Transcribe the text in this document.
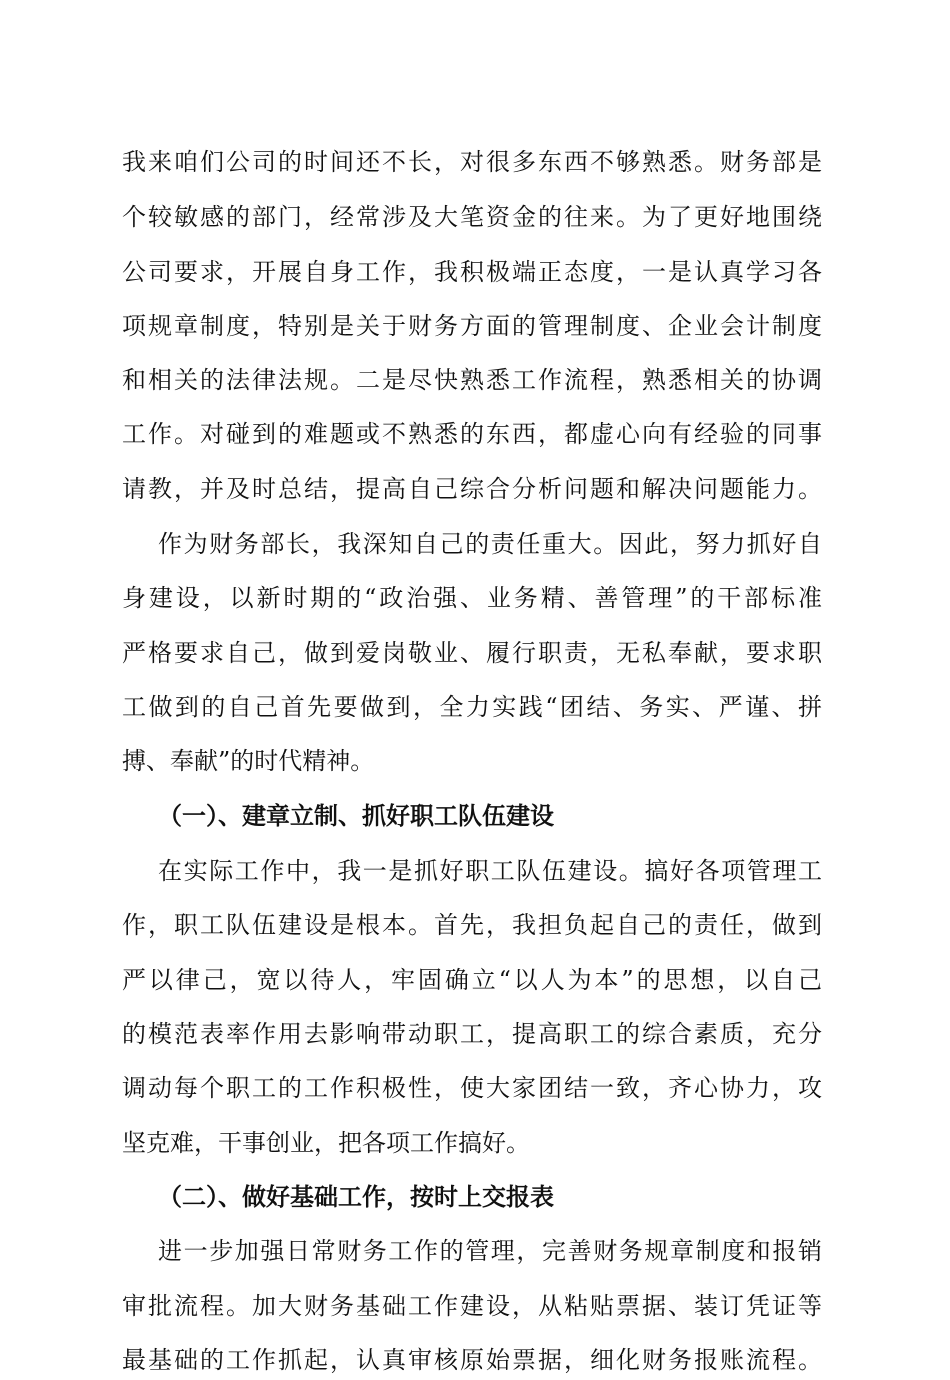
我来咱们公司的时间还不长，对很多东西不够熟悉。财务部是
个较敏感的部门，经常涉及大笔资金的往来。为了更好地围绕
公司要求，开展自身工作，我积极端正态度，一是认真学习各
项规章制度，特别是关于财务方面的管理制度、企业会计制度
和相关的法律法规。二是尽快熟悉工作流程，熟悉相关的协调
工作。对碰到的难题或不熟悉的东西，都虚心向有经验的同事
请教，并及时总结，提高自己综合分析问题和解决问题能力。
作为财务部长，我深知自己的责任重大。因此，努力抓好自
身建设，以新时期的“政治强、业务精、善管理”的干部标准
严格要求自己，做到爱岗敬业、履行职责，无私奉献，要求职
工做到的自己首先要做到，全力实践“团结、务实、严谨、拼
搏、奉献”的时代精神。
（一）、建章立制、抓好职工队伍建设
在实际工作中，我一是抓好职工队伍建设。搞好各项管理工
作，职工队伍建设是根本。首先，我担负起自己的责任，做到
严以律己，宽以待人，牢固确立“以人为本”的思想，以自己
的模范表率作用去影响带动职工，提高职工的综合素质，充分
调动每个职工的工作积极性，使大家团结一致，齐心协力，攻
坚克难，干事创业，把各项工作搞好。
（二）、做好基础工作，按时上交报表
进一步加强日常财务工作的管理，完善财务规章制度和报销
审批流程。加大财务基础工作建设，从粘贴票据、装订凭证等
最基础的工作抓起，认真审核原始票据，细化财务报账流程。
